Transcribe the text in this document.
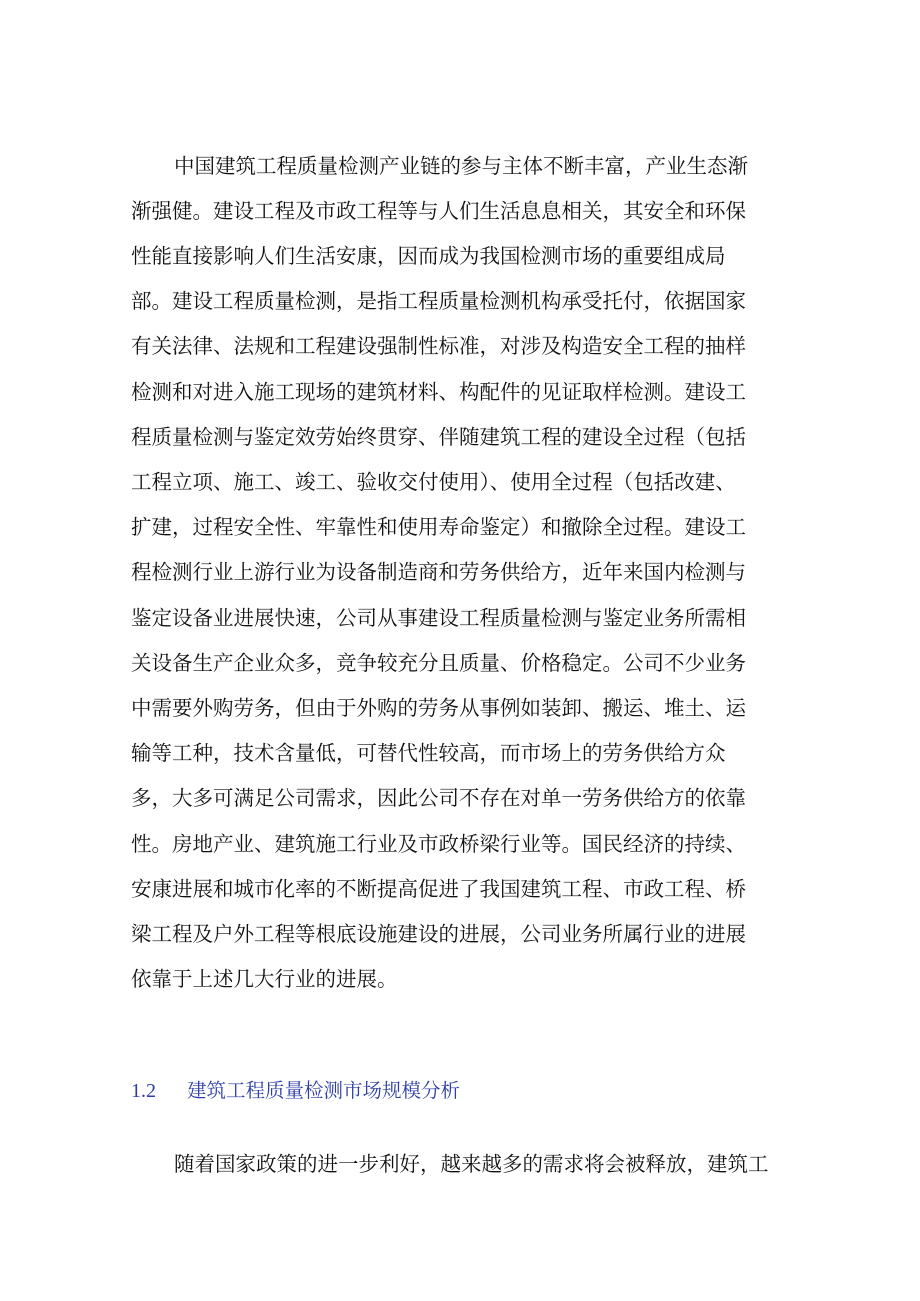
中国建筑工程质量检测产业链的参与主体不断丰富，产业生态渐
渐强健。建设工程及市政工程等与人们生活息息相关，其安全和环保
性能直接影响人们生活安康，因而成为我国检测市场的重要组成局
部。建设工程质量检测，是指工程质量检测机构承受托付，依据国家
有关法律、法规和工程建设强制性标准，对涉及构造安全工程的抽样
检测和对进入施工现场的建筑材料、构配件的见证取样检测。建设工
程质量检测与鉴定效劳始终贯穿、伴随建筑工程的建设全过程（包括
工程立项、施工、竣工、验收交付使用）、使用全过程（包括改建、
扩建，过程安全性、牢靠性和使用寿命鉴定）和撤除全过程。建设工
程检测行业上游行业为设备制造商和劳务供给方，近年来国内检测与
鉴定设备业进展快速，公司从事建设工程质量检测与鉴定业务所需相
关设备生产企业众多，竞争较充分且质量、价格稳定。公司不少业务
中需要外购劳务，但由于外购的劳务从事例如装卸、搬运、堆土、运
输等工种，技术含量低，可替代性较高，而市场上的劳务供给方众
多，大多可满足公司需求，因此公司不存在对单一劳务供给方的依靠
性。房地产业、建筑施工行业及市政桥梁行业等。国民经济的持续、
安康进展和城市化率的不断提高促进了我国建筑工程、市政工程、桥
梁工程及户外工程等根底设施建设的进展，公司业务所属行业的进展
依靠于上述几大行业的进展。
1.2 建筑工程质量检测市场规模分析
随着国家政策的进一步利好，越来越多的需求将会被释放，建筑工
